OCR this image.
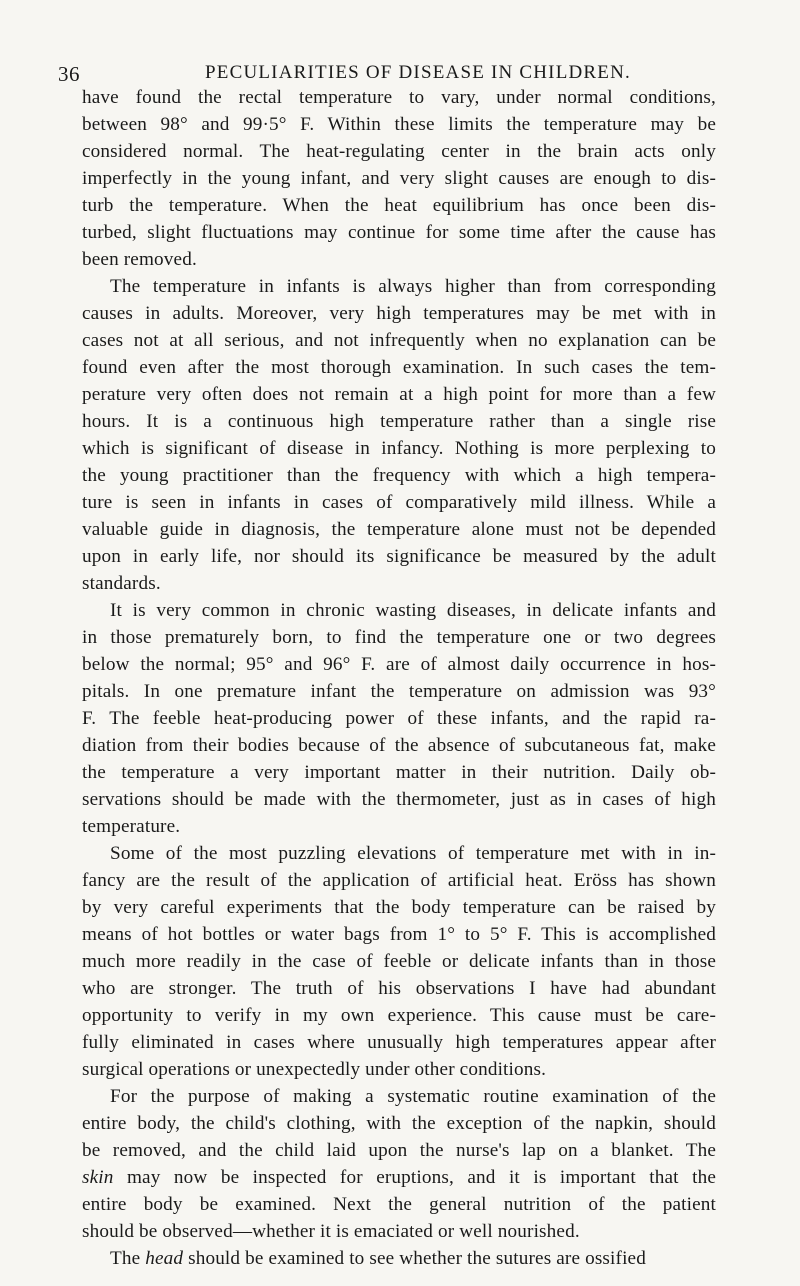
36	PECULIARITIES OF DISEASE IN CHILDREN.
have found the rectal temperature to vary, under normal conditions,
between 98° and 99·5° F. Within these limits the temperature may be
considered normal. The heat-regulating center in the brain acts only
imperfectly in the young infant, and very slight causes are enough to dis-
turb the temperature. When the heat equilibrium has once been dis-
turbed, slight fluctuations may continue for some time after the cause has
been removed.
The temperature in infants is always higher than from corresponding
causes in adults. Moreover, very high temperatures may be met with in
cases not at all serious, and not infrequently when no explanation can be
found even after the most thorough examination. In such cases the tem-
perature very often does not remain at a high point for more than a few
hours. It is a continuous high temperature rather than a single rise
which is significant of disease in infancy. Nothing is more perplexing to
the young practitioner than the frequency with which a high tempera-
ture is seen in infants in cases of comparatively mild illness. While a
valuable guide in diagnosis, the temperature alone must not be depended
upon in early life, nor should its significance be measured by the adult
standards.
It is very common in chronic wasting diseases, in delicate infants and
in those prematurely born, to find the temperature one or two degrees
below the normal; 95° and 96° F. are of almost daily occurrence in hos-
pitals. In one premature infant the temperature on admission was 93°
F. The feeble heat-producing power of these infants, and the rapid ra-
diation from their bodies because of the absence of subcutaneous fat, make
the temperature a very important matter in their nutrition. Daily ob-
servations should be made with the thermometer, just as in cases of high
temperature.
Some of the most puzzling elevations of temperature met with in in-
fancy are the result of the application of artificial heat. Eröss has shown
by very careful experiments that the body temperature can be raised by
means of hot bottles or water bags from 1° to 5° F. This is accomplished
much more readily in the case of feeble or delicate infants than in those
who are stronger. The truth of his observations I have had abundant
opportunity to verify in my own experience. This cause must be care-
fully eliminated in cases where unusually high temperatures appear after
surgical operations or unexpectedly under other conditions.
For the purpose of making a systematic routine examination of the
entire body, the child's clothing, with the exception of the napkin, should
be removed, and the child laid upon the nurse's lap on a blanket. The
skin may now be inspected for eruptions, and it is important that the
entire body be examined. Next the general nutrition of the patient
should be observed—whether it is emaciated or well nourished.
The head should be examined to see whether the sutures are ossified
